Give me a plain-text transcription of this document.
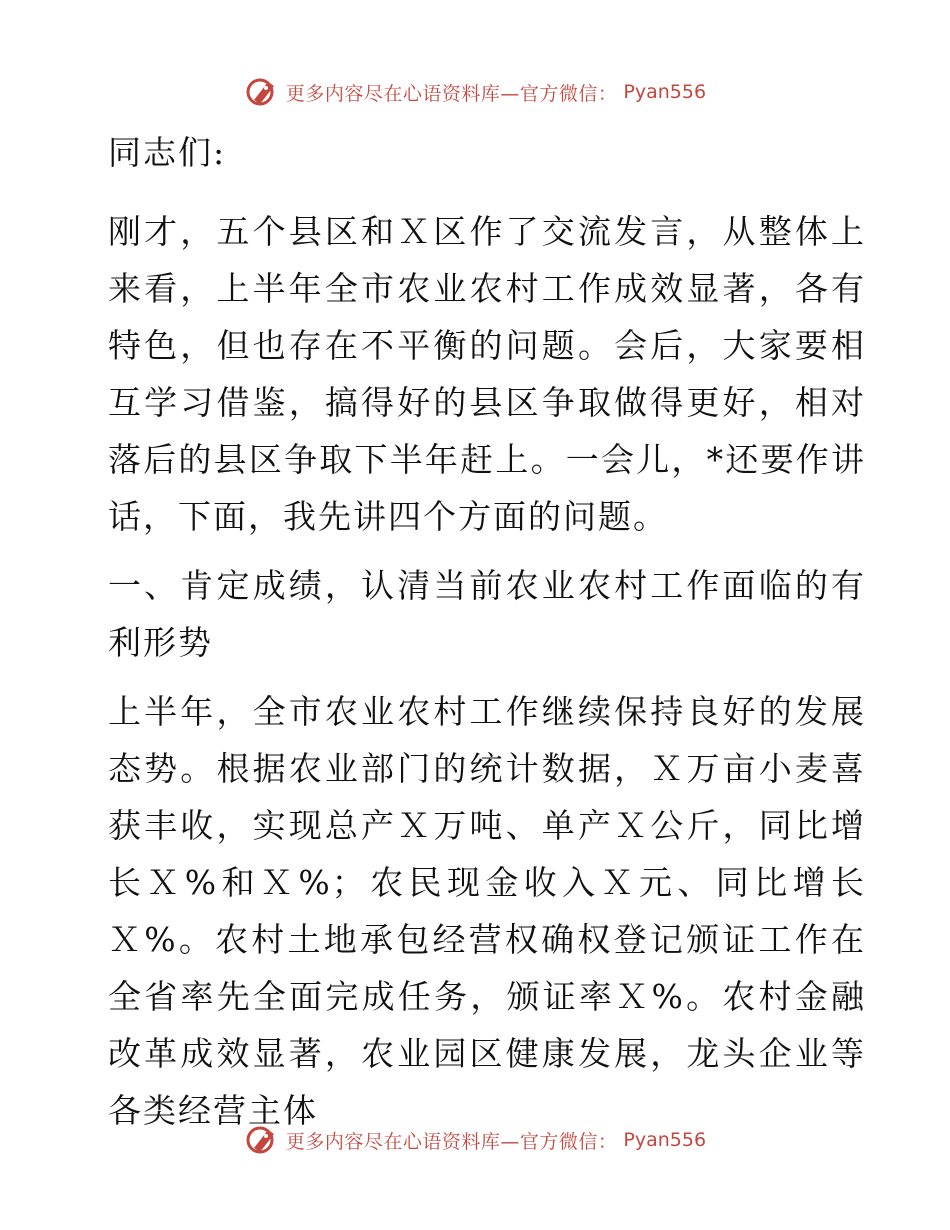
更多内容尽在心语资料库—官方微信： Pyan556

同志们:

刚才，五个县区和Ｘ区作了交流发言，从整体上来看，上半年全市农业农村工作成效显著，各有特色，但也存在不平衡的问题。会后，大家要相互学习借鉴，搞得好的县区争取做得更好，相对落后的县区争取下半年赶上。一会儿，*还要作讲话，下面，我先讲四个方面的问题。

一、肯定成绩，认清当前农业农村工作面临的有利形势

上半年，全市农业农村工作继续保持良好的发展态势。根据农业部门的统计数据，Ｘ万亩小麦喜获丰收，实现总产Ｘ万吨、单产Ｘ公斤，同比增长Ｘ%和Ｘ%；农民现金收入Ｘ元、同比增长Ｘ%。农村土地承包经营权确权登记颁证工作在全省率先全面完成任务，颁证率Ｘ%。农村金融改革成效显著，农业园区健康发展，龙头企业等各类经营主体

更多内容尽在心语资料库—官方微信： Pyan556
